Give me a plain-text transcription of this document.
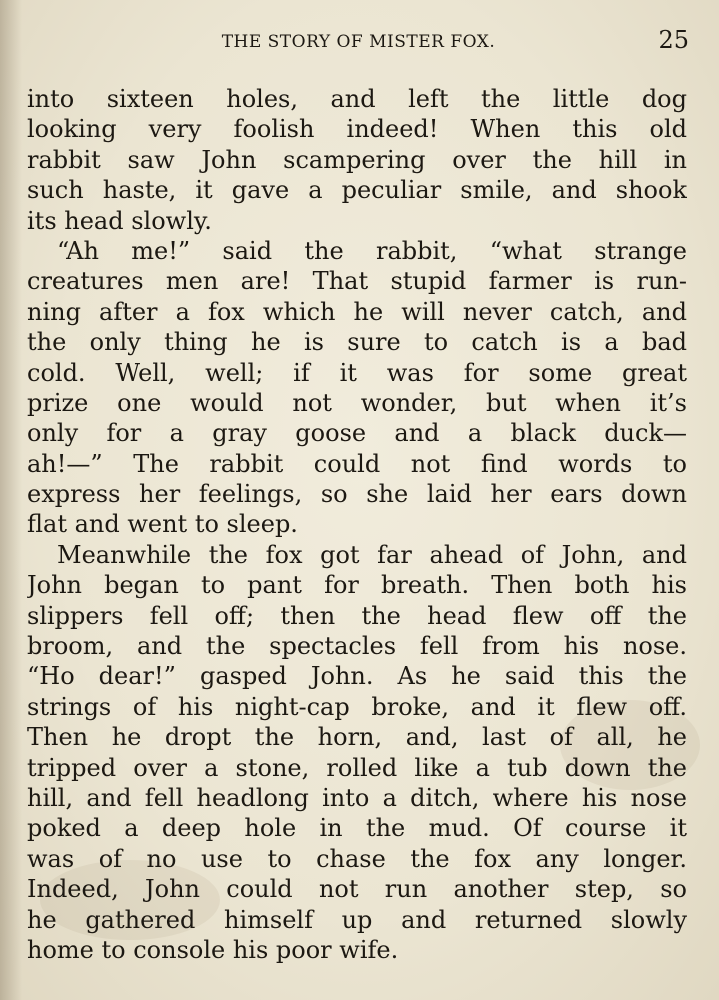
THE STORY OF MISTER FOX.	25
into sixteen holes, and left the little dog
looking very foolish indeed! When this old
rabbit saw John scampering over the hill in
such haste, it gave a peculiar smile, and shook
its head slowly.
“Ah me!” said the rabbit, “what strange
creatures men are! That stupid farmer is run-
ning after a fox which he will never catch, and
the only thing he is sure to catch is a bad
cold. Well, well; if it was for some great
prize one would not wonder, but when it’s
only for a gray goose and a black duck—
ah!—” The rabbit could not find words to
express her feelings, so she laid her ears down
flat and went to sleep.
Meanwhile the fox got far ahead of John, and
John began to pant for breath. Then both his
slippers fell off; then the head flew off the
broom, and the spectacles fell from his nose.
“Ho dear!” gasped John. As he said this the
strings of his night-cap broke, and it flew off.
Then he dropt the horn, and, last of all, he
tripped over a stone, rolled like a tub down the
hill, and fell headlong into a ditch, where his nose
poked a deep hole in the mud. Of course it
was of no use to chase the fox any longer.
Indeed, John could not run another step, so
he gathered himself up and returned slowly
home to console his poor wife.
